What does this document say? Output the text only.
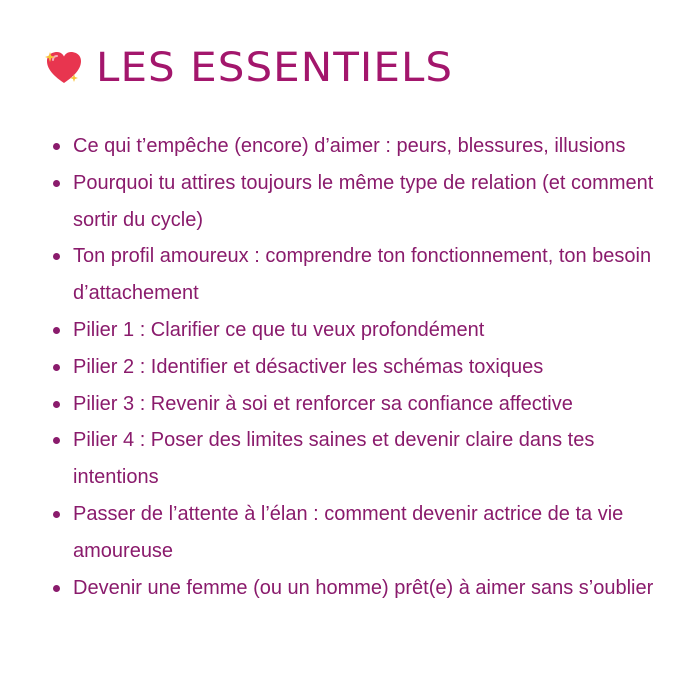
LES ESSENTIELS
Ce qui t’empêche (encore) d’aimer : peurs, blessures, illusions
Pourquoi tu attires toujours le même type de relation (et comment sortir du cycle)
Ton profil amoureux : comprendre ton fonctionnement, ton besoin d’attachement
Pilier 1 : Clarifier ce que tu veux profondément
Pilier 2 : Identifier et désactiver les schémas toxiques
Pilier 3 : Revenir à soi et renforcer sa confiance affective
Pilier 4 : Poser des limites saines et devenir claire dans tes intentions
Passer de l’attente à l’élan : comment devenir actrice de ta vie amoureuse
Devenir une femme (ou un homme) prêt(e) à aimer sans s’oublier
